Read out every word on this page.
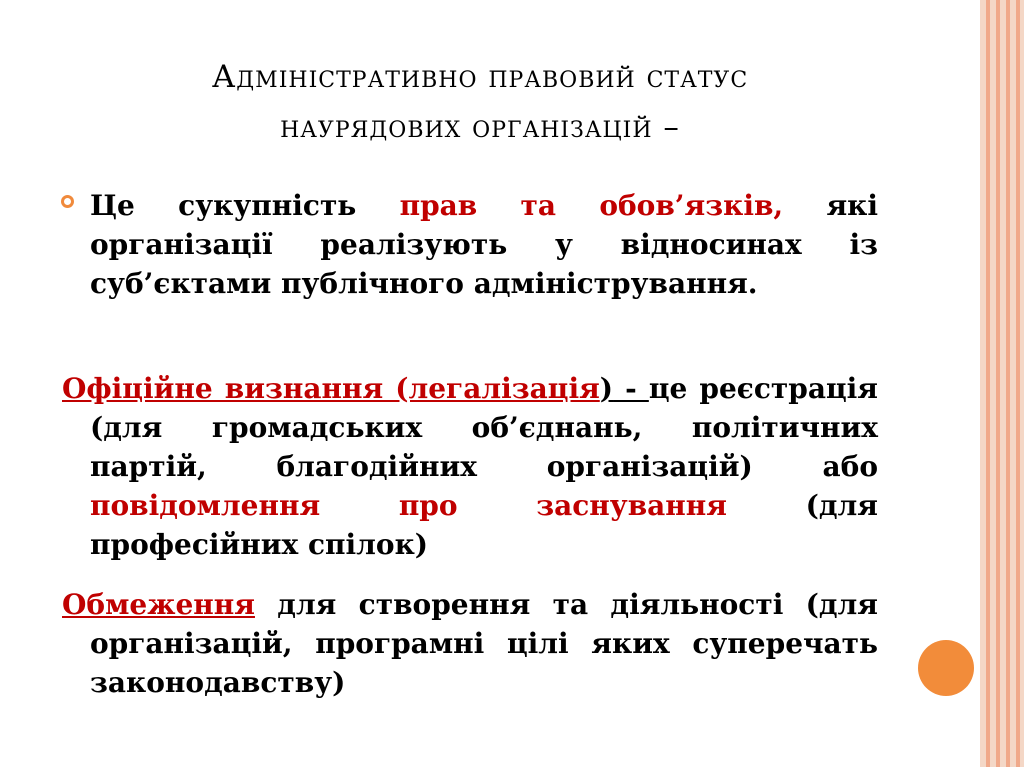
Адміністративно правовий статус
наурядових організацій –
Це сукупність прав та обов’язків, які організації реалізують у відносинах із суб’єктами публічного адміністрування.
Офіційне визнання (легалізація) - це реєстрація (для громадських об’єднань, політичних партій, благодійних організацій) або повідомлення про заснування (для професійних спілок)
Обмеження для створення та діяльності (для організацій, програмні цілі яких суперечать законодавству)
